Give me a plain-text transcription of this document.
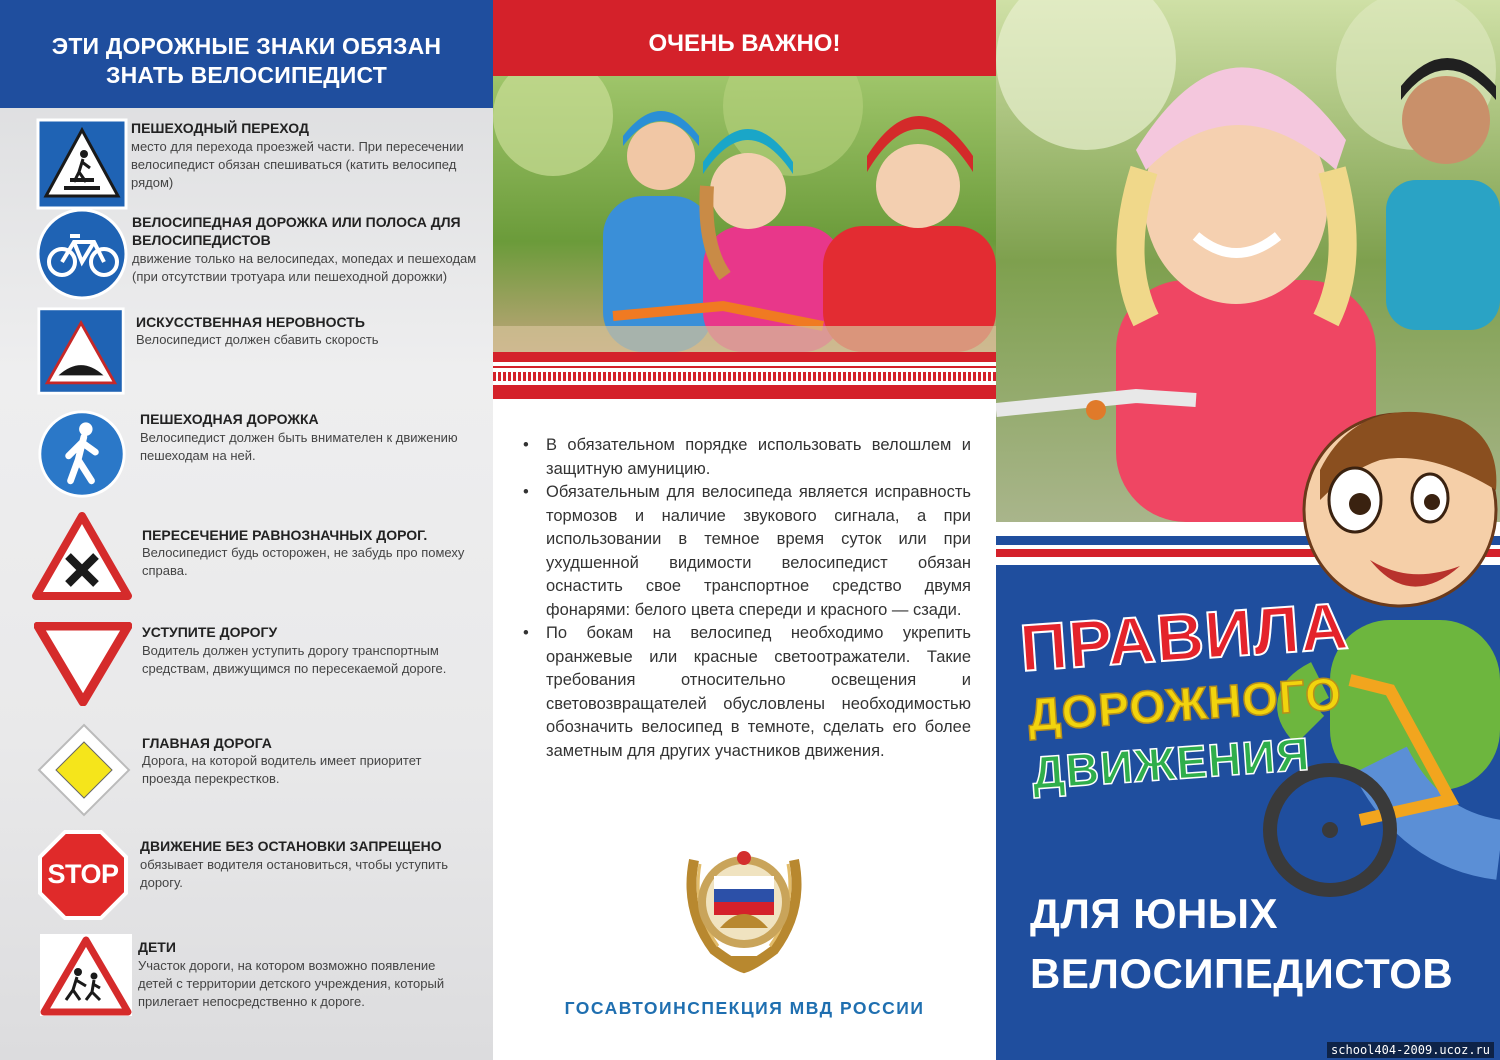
ЭТИ ДОРОЖНЫЕ ЗНАКИ ОБЯЗАН
ЗНАТЬ ВЕЛОСИПЕДИСТ
ПЕШЕХОДНЫЙ ПЕРЕХОД
место для перехода проезжей части. При пересечении велосипедист обязан спешиваться (катить велосипед рядом)
ВЕЛОСИПЕДНАЯ ДОРОЖКА ИЛИ ПОЛОСА ДЛЯ ВЕЛОСИПЕДИСТОВ
движение только на велосипедах, мопедах и пешеходам (при отсутствии тротуара или пешеходной дорожки)
ИСКУССТВЕННАЯ НЕРОВНОСТЬ
Велосипедист должен сбавить скорость
ПЕШЕХОДНАЯ ДОРОЖКА
Велосипедист должен быть внимателен к движению пешеходам на ней.
ПЕРЕСЕЧЕНИЕ РАВНОЗНАЧНЫХ ДОРОГ.
Велосипедист будь осторожен, не забудь про помеху справа.
УСТУПИТЕ ДОРОГУ
Водитель должен уступить дорогу транспортным средствам, движущимся по пересекаемой дороге.
ГЛАВНАЯ ДОРОГА
Дорога, на которой водитель имеет приоритет проезда перекрестков.
STOP
ДВИЖЕНИЕ БЕЗ ОСТАНОВКИ ЗАПРЕЩЕНО
обязывает водителя остановиться, чтобы уступить дорогу.
ДЕТИ
Участок дороги, на котором возможно появление детей с территории детского учреждения, который прилегает непосредственно к дороге.
ОЧЕНЬ ВАЖНО!
• В обязательном порядке использовать велошлем и защитную амуницию.
• Обязательным для велосипеда является исправность тормозов и наличие звукового сигнала, а при использовании в темное время суток или при ухудшенной видимости велосипедист обязан оснастить свое транспортное средство двумя фонарями: белого цвета спереди и красного — сзади.
• По бокам на велосипед необходимо укрепить оранжевые или красные светоотражатели. Такие требования относительно освещения и световозвращателей обусловлены необходимостью обозначить велосипед в темноте, сделать его более заметным для других участников движения.
ГОСАВТОИНСПЕКЦИЯ МВД РОССИИ
ПРАВИЛА
ДОРОЖНОГО
ДВИЖЕНИЯ
ДЛЯ ЮНЫХ
ВЕЛОСИПЕДИСТОВ
school404-2009.ucoz.ru
